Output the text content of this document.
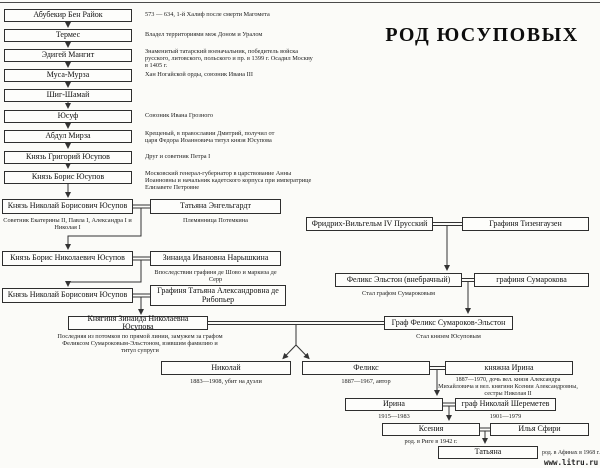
РОД ЮСУПОВЫХ
Абубекир Бен Райок
Термес
Эдигей Мангит
Муса-Мурза
Шиг-Шамай
Юсуф
Абдул Мирза
Князь Григорий Юсупов
Князь Борис Юсупов
573 — 634, 1-й Халиф после смерти Магомета
Владел территориями меж Доном и Уралом
Знаменитый татарский военачальник, победитель войска русского, литовского, польского и пр. в 1399 г. Осадил Москву в 1405 г.
Хан Ногайской орды, союзник Ивана III
Союзник Ивана Грозного
Крещеный, в православии Дмитрий, получил от царя Федора Иоанновича титул князя Юсупова
Друг и советник Петра I
Московский генерал-губернатор в царствование Анны Иоанновны и начальник кадетского корпуса при императрице Елизавете Петровне
Князь Николай Борисович Юсупов	Татьяна Энгельгардт
Советник Екатерины II, Павла I, Александра I и Николая I
Племянница Потемкина
Князь Борис Николаевич Юсупов	Зинаида Ивановна Нарышкина
Впоследствии графиня де Шово и маркиза де Серр
Князь Николай Борисович Юсупов	Графиня Татьяна Александровна де Рибопьер
Княгиня Зинаида Николаевна Юсупова
Последняя из потомков по прямой линии, замужем за графом Феликсом Сумароковым-Эльстоном, взявшим фамилию и титул супруги
Фридрих-Вильгельм IV Прусский	Графиня Тизенгаузен
Феликс Эльстон (внебрачный)
Стал графом Сумароковым
графиня Сумарокова
Граф Феликс Сумароков-Эльстон
Стал князем Юсуповым
Николай
1883—1908, убит на дуэли
Феликс
1887—1967, автор
княжна Ирина
1887—1970, дочь вел. князя Александра Михайловича и вел. княгини Ксении Александровны, сестры Николая II
Ирина
1915—1983
граф Николай Шереметев
1901—1979
Ксения
род. в Риге в 1942 г.
Илья Сфири
Татьяна	род. в Афинах в 1968 г.
www.litru.ru
